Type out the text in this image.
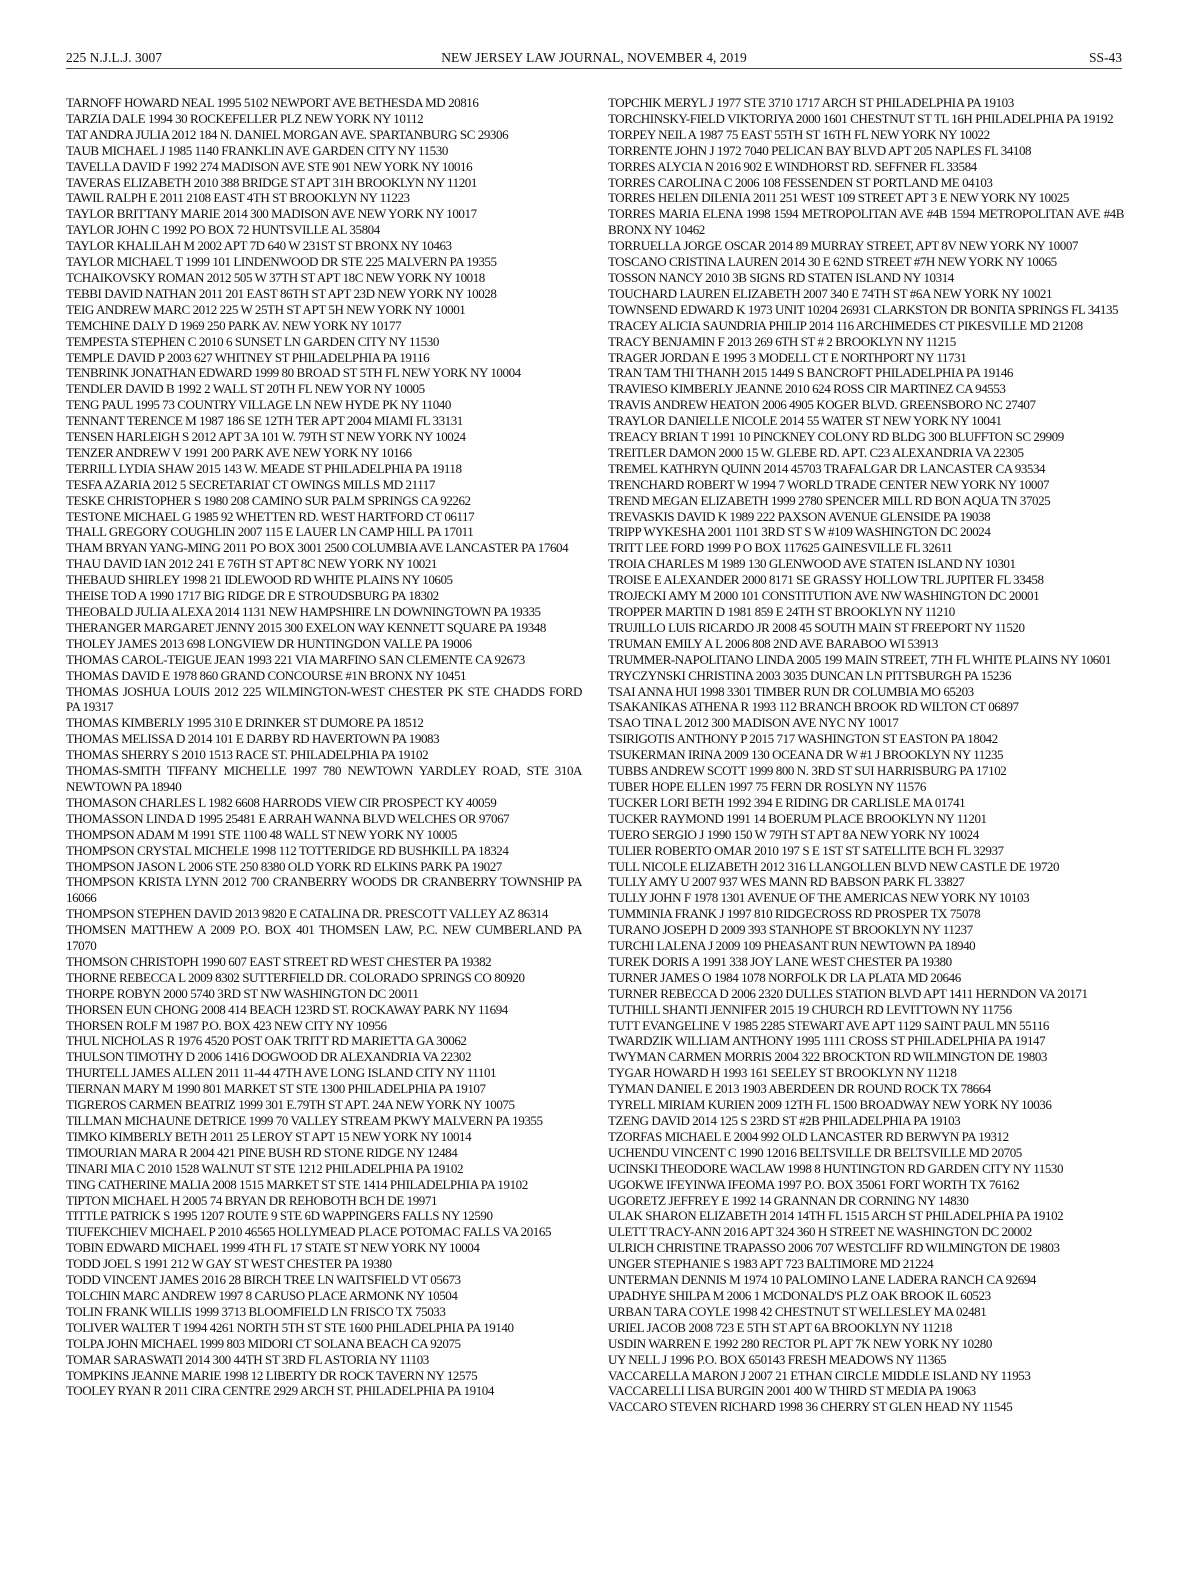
225 N.J.L.J. 3007	NEW JERSEY LAW JOURNAL, NOVEMBER 4, 2019	SS-43

TARNOFF HOWARD NEAL 1995 5102 NEWPORT AVE BETHESDA MD 20816

TARZIA DALE 1994 30 ROCKEFELLER PLZ NEW YORK NY 10112

TAT ANDRA JULIA 2012 184 N. DANIEL MORGAN AVE. SPARTANBURG SC 29306

TAUB MICHAEL J 1985 1140 FRANKLIN AVE GARDEN CITY NY 11530

TAVELLA DAVID F 1992 274 MADISON AVE STE 901 NEW YORK NY 10016

TAVERAS ELIZABETH 2010 388 BRIDGE ST APT 31H BROOKLYN NY 11201

TAWIL RALPH E 2011 2108 EAST 4TH ST BROOKLYN NY 11223

TAYLOR BRITTANY MARIE 2014 300 MADISON AVE NEW YORK NY 10017

TAYLOR JOHN C 1992 PO BOX 72 HUNTSVILLE AL 35804

TAYLOR KHALILAH M 2002 APT 7D 640 W 231ST ST BRONX NY 10463

TAYLOR MICHAEL T 1999 101 LINDENWOOD DR STE 225 MALVERN PA 19355

TCHAIKOVSKY ROMAN 2012 505 W 37TH ST APT 18C NEW YORK NY 10018

TEBBI DAVID NATHAN 2011 201 EAST 86TH ST APT 23D NEW YORK NY 10028

TEIG ANDREW MARC 2012 225 W 25TH ST APT 5H NEW YORK NY 10001

TEMCHINE DALY D 1969 250 PARK AV. NEW YORK NY 10177

TEMPESTA STEPHEN C 2010 6 SUNSET LN GARDEN CITY NY 11530

TEMPLE DAVID P 2003 627 WHITNEY ST PHILADELPHIA PA 19116

TENBRINK JONATHAN EDWARD 1999 80 BROAD ST 5TH FL NEW YORK NY 10004

TENDLER DAVID B 1992 2 WALL ST 20TH FL NEW YOR NY 10005

TENG PAUL 1995 73 COUNTRY VILLAGE LN NEW HYDE PK NY 11040

TENNANT TERENCE M 1987 186 SE 12TH TER APT 2004 MIAMI FL 33131

TENSEN HARLEIGH S 2012 APT 3A 101 W. 79TH ST NEW YORK NY 10024

TENZER ANDREW V 1991 200 PARK AVE NEW YORK NY 10166

TERRILL LYDIA SHAW 2015 143 W. MEADE ST PHILADELPHIA PA 19118

TESFA AZARIA 2012 5 SECRETARIAT CT OWINGS MILLS MD 21117

TESKE CHRISTOPHER S 1980 208 CAMINO SUR PALM SPRINGS CA 92262

TESTONE MICHAEL G 1985 92 WHETTEN RD. WEST HARTFORD CT 06117

THALL GREGORY COUGHLIN 2007 115 E LAUER LN CAMP HILL PA 17011

THAM BRYAN YANG-MING 2011 PO BOX 3001 2500 COLUMBIA AVE LANCASTER PA 17604

THAU DAVID IAN 2012 241 E 76TH ST APT 8C NEW YORK NY 10021

THEBAUD SHIRLEY 1998 21 IDLEWOOD RD WHITE PLAINS NY 10605

THEISE TOD A 1990 1717 BIG RIDGE DR E STROUDSBURG PA 18302

THEOBALD JULIA ALEXA 2014 1131 NEW HAMPSHIRE LN DOWNINGTOWN PA 19335

THERANGER MARGARET JENNY 2015 300 EXELON WAY KENNETT SQUARE PA 19348

THOLEY JAMES 2013 698 LONGVIEW DR HUNTINGDON VALLE PA 19006

THOMAS CAROL-TEIGUE JEAN 1993 221 VIA MARFINO SAN CLEMENTE CA 92673

THOMAS DAVID E 1978 860 GRAND CONCOURSE #1N BRONX NY 10451

THOMAS JOSHUA LOUIS 2012 225 WILMINGTON-WEST CHESTER PK STE CHADDS FORD PA 19317

THOMAS KIMBERLY 1995 310 E DRINKER ST DUMORE PA 18512

THOMAS MELISSA D 2014 101 E DARBY RD HAVERTOWN PA 19083

THOMAS SHERRY S 2010 1513 RACE ST. PHILADELPHIA PA 19102

THOMAS-SMITH TIFFANY MICHELLE 1997 780 NEWTOWN YARDLEY ROAD, STE 310A NEWTOWN PA 18940

THOMASON CHARLES L 1982 6608 HARRODS VIEW CIR PROSPECT KY 40059

THOMASSON LINDA D 1995 25481 E ARRAH WANNA BLVD WELCHES OR 97067

THOMPSON ADAM M 1991 STE 1100 48 WALL ST NEW YORK NY 10005

THOMPSON CRYSTAL MICHELE 1998 112 TOTTERIDGE RD BUSHKILL PA 18324

THOMPSON JASON L 2006 STE 250 8380 OLD YORK RD ELKINS PARK PA 19027

THOMPSON KRISTA LYNN 2012 700 CRANBERRY WOODS DR CRANBERRY TOWNSHIP PA 16066

THOMPSON STEPHEN DAVID 2013 9820 E CATALINA DR. PRESCOTT VALLEY AZ 86314

THOMSEN MATTHEW A 2009 P.O. BOX 401 THOMSEN LAW, P.C. NEW CUMBERLAND PA 17070

THOMSON CHRISTOPH 1990 607 EAST STREET RD WEST CHESTER PA 19382

THORNE REBECCA L 2009 8302 SUTTERFIELD DR. COLORADO SPRINGS CO 80920

THORPE ROBYN 2000 5740 3RD ST NW WASHINGTON DC 20011

THORSEN EUN CHONG 2008 414 BEACH 123RD ST. ROCKAWAY PARK NY 11694

THORSEN ROLF M 1987 P.O. BOX 423 NEW CITY NY 10956

THUL NICHOLAS R 1976 4520 POST OAK TRITT RD MARIETTA GA 30062

THULSON TIMOTHY D 2006 1416 DOGWOOD DR ALEXANDRIA VA 22302

THURTELL JAMES ALLEN 2011 11-44 47TH AVE LONG ISLAND CITY NY 11101

TIERNAN MARY M 1990 801 MARKET ST STE 1300 PHILADELPHIA PA 19107

TIGREROS CARMEN BEATRIZ 1999 301 E.79TH ST APT. 24A NEW YORK NY 10075

TILLMAN MICHAUNE DETRICE 1999 70 VALLEY STREAM PKWY MALVERN PA 19355

TIMKO KIMBERLY BETH 2011 25 LEROY ST APT 15 NEW YORK NY 10014

TIMOURIAN MARA R 2004 421 PINE BUSH RD STONE RIDGE NY 12484

TINARI MIA C 2010 1528 WALNUT ST STE 1212 PHILADELPHIA PA 19102

TING CATHERINE MALIA 2008 1515 MARKET ST STE 1414 PHILADELPHIA PA 19102

TIPTON MICHAEL H 2005 74 BRYAN DR REHOBOTH BCH DE 19971

TITTLE PATRICK S 1995 1207 ROUTE 9 STE 6D WAPPINGERS FALLS NY 12590

TIUFEKCHIEV MICHAEL P 2010 46565 HOLLYMEAD PLACE POTOMAC FALLS VA 20165

TOBIN EDWARD MICHAEL 1999 4TH FL 17 STATE ST NEW YORK NY 10004

TODD JOEL S 1991 212 W GAY ST WEST CHESTER PA 19380

TODD VINCENT JAMES 2016 28 BIRCH TREE LN WAITSFIELD VT 05673

TOLCHIN MARC ANDREW 1997 8 CARUSO PLACE ARMONK NY 10504

TOLIN FRANK WILLIS 1999 3713 BLOOMFIELD LN FRISCO TX 75033

TOLIVER WALTER T 1994 4261 NORTH 5TH ST STE 1600 PHILADELPHIA PA 19140

TOLPA JOHN MICHAEL 1999 803 MIDORI CT SOLANA BEACH CA 92075

TOMAR SARASWATI 2014 300 44TH ST 3RD FL ASTORIA NY 11103

TOMPKINS JEANNE MARIE 1998 12 LIBERTY DR ROCK TAVERN NY 12575

TOOLEY RYAN R 2011 CIRA CENTRE 2929 ARCH ST. PHILADELPHIA PA 19104

TOPCHIK MERYL J 1977 STE 3710 1717 ARCH ST PHILADELPHIA PA 19103

TORCHINSKY-FIELD VIKTORIYA 2000 1601 CHESTNUT ST TL 16H PHILADELPHIA PA 19192

TORPEY NEIL A 1987 75 EAST 55TH ST 16TH FL NEW YORK NY 10022

TORRENTE JOHN J 1972 7040 PELICAN BAY BLVD APT 205 NAPLES FL 34108

TORRES ALYCIA N 2016 902 E WINDHORST RD. SEFFNER FL 33584

TORRES CAROLINA C 2006 108 FESSENDEN ST PORTLAND ME 04103

TORRES HELEN DILENIA 2011 251 WEST 109 STREET APT 3 E NEW YORK NY 10025

TORRES MARIA ELENA 1998 1594 METROPOLITAN AVE #4B 1594 METROPOLITAN AVE #4B BRONX NY 10462

TORRUELLA JORGE OSCAR 2014 89 MURRAY STREET, APT 8V NEW YORK NY 10007

TOSCANO CRISTINA LAUREN 2014 30 E 62ND STREET #7H NEW YORK NY 10065

TOSSON NANCY 2010 3B SIGNS RD STATEN ISLAND NY 10314

TOUCHARD LAUREN ELIZABETH 2007 340 E 74TH ST #6A NEW YORK NY 10021

TOWNSEND EDWARD K 1973 UNIT 10204 26931 CLARKSTON DR BONITA SPRINGS FL 34135

TRACEY ALICIA SAUNDRIA PHILIP 2014 116 ARCHIMEDES CT PIKESVILLE MD 21208

TRACY BENJAMIN F 2013 269 6TH ST # 2 BROOKLYN NY 11215

TRAGER JORDAN E 1995 3 MODELL CT E NORTHPORT NY 11731

TRAN TAM THI THANH 2015 1449 S BANCROFT PHILADELPHIA PA 19146

TRAVIESO KIMBERLY JEANNE 2010 624 ROSS CIR MARTINEZ CA 94553

TRAVIS ANDREW HEATON 2006 4905 KOGER BLVD. GREENSBORO NC 27407

TRAYLOR DANIELLE NICOLE 2014 55 WATER ST NEW YORK NY 10041

TREACY BRIAN T 1991 10 PINCKNEY COLONY RD BLDG 300 BLUFFTON SC 29909

TREITLER DAMON 2000 15 W. GLEBE RD. APT. C23 ALEXANDRIA VA 22305

TREMEL KATHRYN QUINN 2014 45703 TRAFALGAR DR LANCASTER CA 93534

TRENCHARD ROBERT W 1994 7 WORLD TRADE CENTER NEW YORK NY 10007

TREND MEGAN ELIZABETH 1999 2780 SPENCER MILL RD BON AQUA TN 37025

TREVASKIS DAVID K 1989 222 PAXSON AVENUE GLENSIDE PA 19038

TRIPP WYKESHA 2001 1101 3RD ST S W #109 WASHINGTON DC 20024

TRITT LEE FORD 1999 P O BOX 117625 GAINESVILLE FL 32611

TROIA CHARLES M 1989 130 GLENWOOD AVE STATEN ISLAND NY 10301

TROISE E ALEXANDER 2000 8171 SE GRASSY HOLLOW TRL JUPITER FL 33458

TROJECKI AMY M 2000 101 CONSTITUTION AVE NW WASHINGTON DC 20001

TROPPER MARTIN D 1981 859 E 24TH ST BROOKLYN NY 11210

TRUJILLO LUIS RICARDO JR 2008 45 SOUTH MAIN ST FREEPORT NY 11520

TRUMAN EMILY A L 2006 808 2ND AVE BARABOO WI 53913

TRUMMER-NAPOLITANO LINDA 2005 199 MAIN STREET, 7TH FL WHITE PLAINS NY 10601

TRYCZYNSKI CHRISTINA 2003 3035 DUNCAN LN PITTSBURGH PA 15236

TSAI ANNA HUI 1998 3301 TIMBER RUN DR COLUMBIA MO 65203

TSAKANIKAS ATHENA R 1993 112 BRANCH BROOK RD WILTON CT 06897

TSAO TINA L 2012 300 MADISON AVE NYC NY 10017

TSIRIGOTIS ANTHONY P 2015 717 WASHINGTON ST EASTON PA 18042

TSUKERMAN IRINA 2009 130 OCEANA DR W #1 J BROOKLYN NY 11235

TUBBS ANDREW SCOTT 1999 800 N. 3RD ST SUI HARRISBURG PA 17102

TUBER HOPE ELLEN 1997 75 FERN DR ROSLYN NY 11576

TUCKER LORI BETH 1992 394 E RIDING DR CARLISLE MA 01741

TUCKER RAYMOND 1991 14 BOERUM PLACE BROOKLYN NY 11201

TUERO SERGIO J 1990 150 W 79TH ST APT 8A NEW YORK NY 10024

TULIER ROBERTO OMAR 2010 197 S E 1ST ST SATELLITE BCH FL 32937

TULL NICOLE ELIZABETH 2012 316 LLANGOLLEN BLVD NEW CASTLE DE 19720

TULLY AMY U 2007 937 WES MANN RD BABSON PARK FL 33827

TULLY JOHN F 1978 1301 AVENUE OF THE AMERICAS NEW YORK NY 10103

TUMMINIA FRANK J 1997 810 RIDGECROSS RD PROSPER TX 75078

TURANO JOSEPH D 2009 393 STANHOPE ST BROOKLYN NY 11237

TURCHI LALENA J 2009 109 PHEASANT RUN NEWTOWN PA 18940

TUREK DORIS A 1991 338 JOY LANE WEST CHESTER PA 19380

TURNER JAMES O 1984 1078 NORFOLK DR LA PLATA MD 20646

TURNER REBECCA D 2006 2320 DULLES STATION BLVD APT 1411 HERNDON VA 20171

TUTHILL SHANTI JENNIFER 2015 19 CHURCH RD LEVITTOWN NY 11756

TUTT EVANGELINE V 1985 2285 STEWART AVE APT 1129 SAINT PAUL MN 55116

TWARDZIK WILLIAM ANTHONY 1995 1111 CROSS ST PHILADELPHIA PA 19147

TWYMAN CARMEN MORRIS 2004 322 BROCKTON RD WILMINGTON DE 19803

TYGAR HOWARD H 1993 161 SEELEY ST BROOKLYN NY 11218

TYMAN DANIEL E 2013 1903 ABERDEEN DR ROUND ROCK TX 78664

TYRELL MIRIAM KURIEN 2009 12TH FL 1500 BROADWAY NEW YORK NY 10036

TZENG DAVID 2014 125 S 23RD ST #2B PHILADELPHIA PA 19103

TZORFAS MICHAEL E 2004 992 OLD LANCASTER RD BERWYN PA 19312

UCHENDU VINCENT C 1990 12016 BELTSVILLE DR BELTSVILLE MD 20705

UCINSKI THEODORE WACLAW 1998 8 HUNTINGTON RD GARDEN CITY NY 11530

UGOKWE IFEYINWA IFEOMA 1997 P.O. BOX 35061 FORT WORTH TX 76162

UGORETZ JEFFREY E 1992 14 GRANNAN DR CORNING NY 14830

ULAK SHARON ELIZABETH 2014 14TH FL 1515 ARCH ST PHILADELPHIA PA 19102

ULETT TRACY-ANN 2016 APT 324 360 H STREET NE WASHINGTON DC 20002

ULRICH CHRISTINE TRAPASSO 2006 707 WESTCLIFF RD WILMINGTON DE 19803

UNGER STEPHANIE S 1983 APT 723 BALTIMORE MD 21224

UNTERMAN DENNIS M 1974 10 PALOMINO LANE LADERA RANCH CA 92694

UPADHYE SHILPA M 2006 1 MCDONALD'S PLZ OAK BROOK IL 60523

URBAN TARA COYLE 1998 42 CHESTNUT ST WELLESLEY MA 02481

URIEL JACOB 2008 723 E 5TH ST APT 6A BROOKLYN NY 11218

USDIN WARREN E 1992 280 RECTOR PL APT 7K NEW YORK NY 10280

UY NELL J 1996 P.O. BOX 650143 FRESH MEADOWS NY 11365

VACCARELLA MARON J 2007 21 ETHAN CIRCLE MIDDLE ISLAND NY 11953

VACCARELLI LISA BURGIN 2001 400 W THIRD ST MEDIA PA 19063

VACCARO STEVEN RICHARD 1998 36 CHERRY ST GLEN HEAD NY 11545
